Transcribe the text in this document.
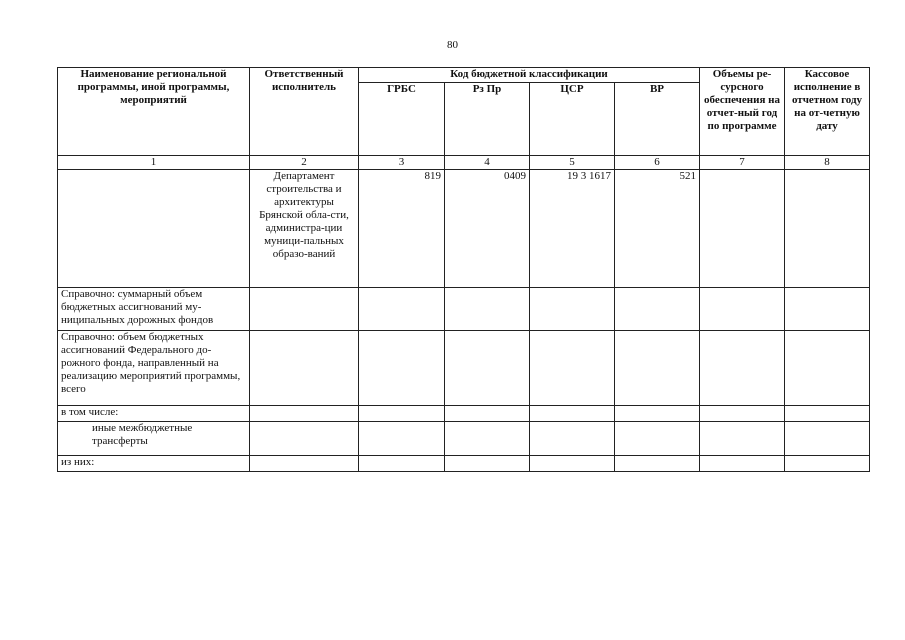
80
Наименование региональной программы, иной программы, мероприятий	Ответственный исполнитель	Код бюджетной классификации				Объемы ре-сурсного обеспечения на отчет-ный год по программе	Кассовое исполнение в отчетном году на от-четную дату
		ГРБС	Рз Пр	ЦСР	ВР		
1	2	3	4	5	6	7	8
	Департамент строительства и архитектуры Брянской обла-сти, администра-ции муници-пальных образо-ваний	819	0409	19 3 1617	521		
Справочно: суммарный объем бюджетных ассигнований му-ниципальных дорожных фондов							
Справочно: объем бюджетных ассигнований Федерального до-рожного фонда, направленный на реализацию мероприятий программы, всего							
в том числе:							
иные межбюджетные трансферты							
из них:							
